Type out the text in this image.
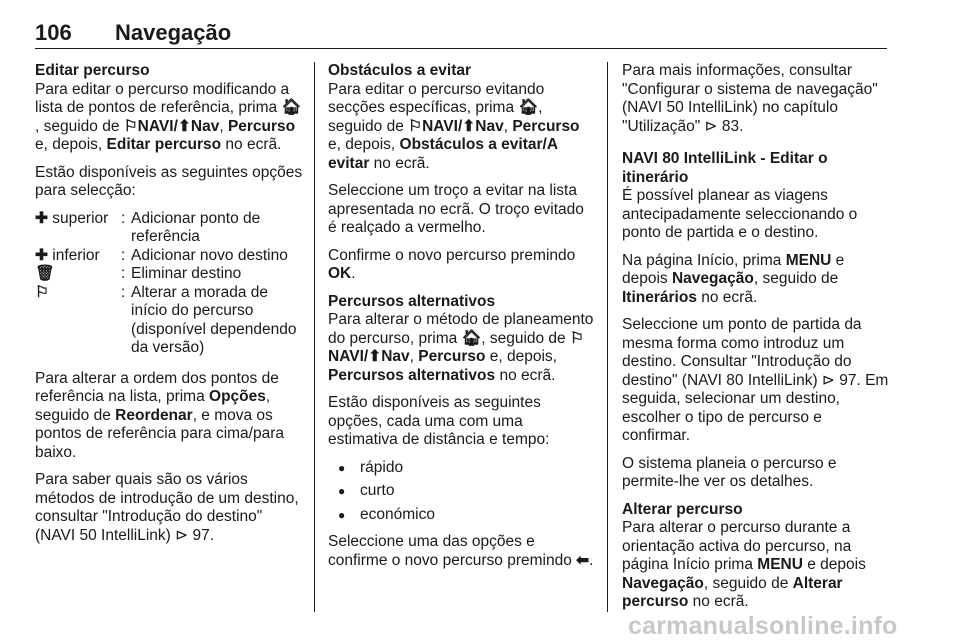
106 Navegação
Editar percurso

Para editar o percurso modificando a lista de pontos de referência, prima 🏠︎, seguido de ⚐NAVI/⬆Nav, Percurso e, depois, Editar percurso no ecrã.

Estão disponíveis as seguintes opções para selecção:

✚ superior : Adicionar ponto de referência
✚ inferior	: Adicionar novo destino
🗑︎	: Eliminar destino
⚐	: Alterar a morada de início do percurso (disponível dependendo da versão)

Para alterar a ordem dos pontos de referência na lista, prima Opções, seguido de Reordenar, e mova os pontos de referência para cima/para baixo.

Para saber quais são os vários métodos de introdução de um destino, consultar "Introdução do destino" (NAVI 50 IntelliLink) ⊳ 97.

Obstáculos a evitar

Para editar o percurso evitando secções específicas, prima 🏠︎, seguido de ⚐NAVI/⬆Nav, Percurso e, depois, Obstáculos a evitar/A evitar no ecrã.

Seleccione um troço a evitar na lista apresentada no ecrã. O troço evitado é realçado a vermelho.

Confirme o novo percurso premindo OK.

Percursos alternativos

Para alterar o método de planeamento do percurso, prima 🏠︎, seguido de ⚐NAVI/⬆Nav, Percurso e, depois, Percursos alternativos no ecrã.

Estão disponíveis as seguintes opções, cada uma com uma estimativa de distância e tempo:

● rápido
● curto
● económico

Seleccione uma das opções e confirme o novo percurso premindo ⬅.

Para mais informações, consultar "Configurar o sistema de navegação" (NAVI 50 IntelliLink) no capítulo "Utilização" ⊳ 83.

NAVI 80 IntelliLink - Editar o itinerário

É possível planear as viagens antecipadamente seleccionando o ponto de partida e o destino.

Na página Início, prima MENU e depois Navegação, seguido de Itinerários no ecrã.

Seleccione um ponto de partida da mesma forma como introduz um destino. Consultar "Introdução do destino" (NAVI 80 IntelliLink) ⊳ 97. Em seguida, selecionar um destino, escolher o tipo de percurso e confirmar.

O sistema planeia o percurso e permite-lhe ver os detalhes.

Alterar percurso

Para alterar o percurso durante a orientação activa do percurso, na página Início prima MENU e depois Navegação, seguido de Alterar percurso no ecrã.

carmanualsonline.info
